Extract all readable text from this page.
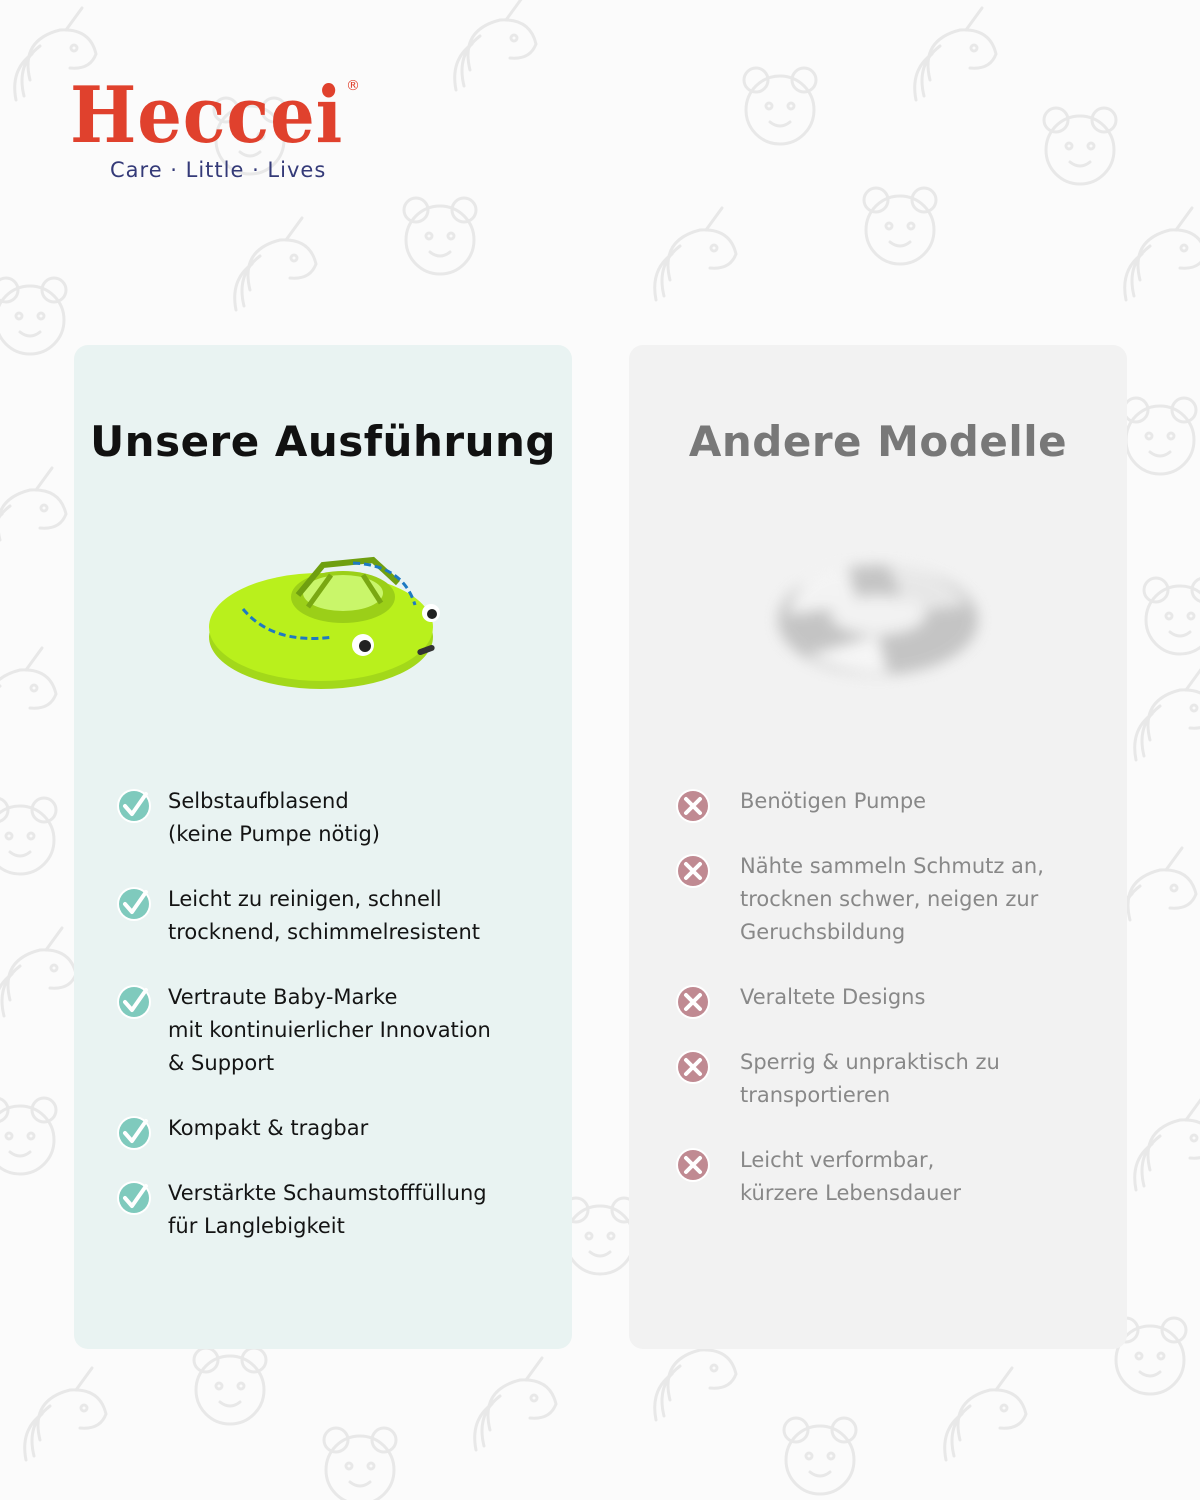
Heccei ®
Care · Little · Lives
Unsere Ausführung
Selbstaufblasend
(keine Pumpe nötig)
Leicht zu reinigen, schnell
trocknend, schimmelresistent
Vertraute Baby-Marke
mit kontinuierlicher Innovation
& Support
Kompakt & tragbar
Verstärkte Schaumstofffüllung
für Langlebigkeit
Andere Modelle
Benötigen Pumpe
Nähte sammeln Schmutz an,
trocknen schwer, neigen zur
Geruchsbildung
Veraltete Designs
Sperrig & unpraktisch zu
transportieren
Leicht verformbar,
kürzere Lebensdauer
